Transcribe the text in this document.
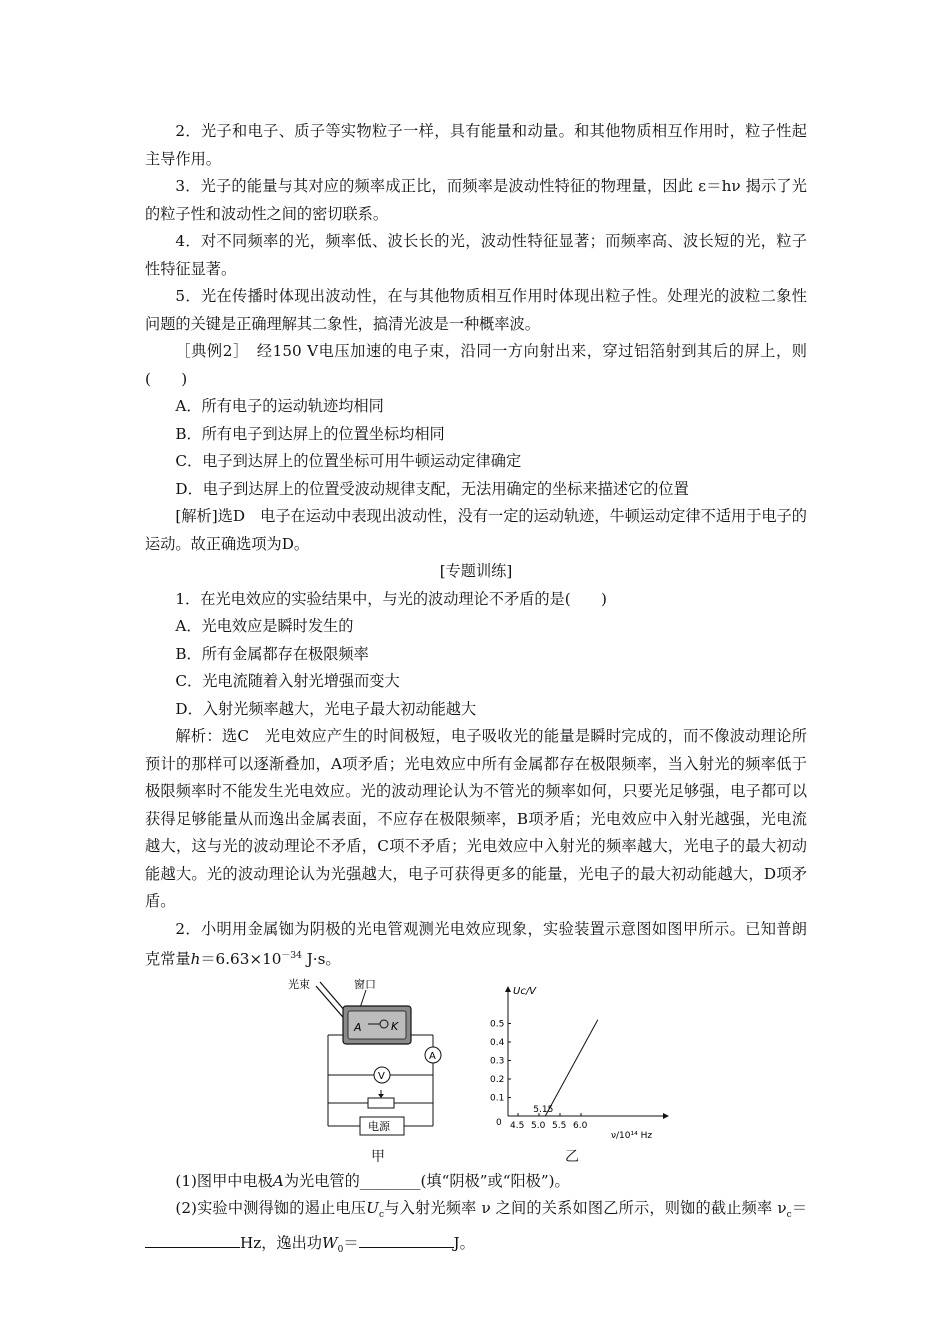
2．光子和电子、质子等实物粒子一样，具有能量和动量。和其他物质相互作用时，粒子性起主导作用。

3．光子的能量与其对应的频率成正比，而频率是波动性特征的物理量，因此 ε＝hν 揭示了光的粒子性和波动性之间的密切联系。

4．对不同频率的光，频率低、波长长的光，波动性特征显著；而频率高、波长短的光，粒子性特征显著。

5．光在传播时体现出波动性，在与其他物质相互作用时体现出粒子性。处理光的波粒二象性问题的关键是正确理解其二象性，搞清光波是一种概率波。

［典例2］　经150 V电压加速的电子束，沿同一方向射出来，穿过铝箔射到其后的屏上，则(　　)

A．所有电子的运动轨迹均相同

B．所有电子到达屏上的位置坐标均相同

C．电子到达屏上的位置坐标可用牛顿运动定律确定

D．电子到达屏上的位置受波动规律支配，无法用确定的坐标来描述它的位置

[解析]选D　电子在运动中表现出波动性，没有一定的运动轨迹，牛顿运动定律不适用于电子的运动。故正确选项为D。

[专题训练]

1．在光电效应的实验结果中，与光的波动理论不矛盾的是(　　)

A．光电效应是瞬时发生的

B．所有金属都存在极限频率

C．光电流随着入射光增强而变大

D．入射光频率越大，光电子最大初动能越大

解析：选C　光电效应产生的时间极短，电子吸收光的能量是瞬时完成的，而不像波动理论所预计的那样可以逐渐叠加，A项矛盾；光电效应中所有金属都存在极限频率，当入射光的频率低于极限频率时不能发生光电效应。光的波动理论认为不管光的频率如何，只要光足够强，电子都可以获得足够能量从而逸出金属表面，不应存在极限频率，B项矛盾；光电效应中入射光越强，光电流越大，这与光的波动理论不矛盾，C项不矛盾；光电效应中入射光的频率越大，光电子的最大初动能越大。光的波动理论认为光强越大，电子可获得更多的能量，光电子的最大初动能越大，D项矛盾。

2．小明用金属铷为阴极的光电管观测光电效应现象，实验装置示意图如图甲所示。已知普朗克常量$h=6.63\times 10^{-34}$ J·s。

光束	窗口
A	K
A
V
电源
甲
Uc/V
ν/10¹⁴ Hz
0 4.5 5.0 5.5 6.0
0.1
0.2
0.3
0.4
0.5
5.15
乙

(1)图甲中电极A为光电管的________(填“阴极”或“阳极”)。

(2)实验中测得铷的遏止电压$U_c$与入射光频率 ν 之间的关系如图乙所示，则铷的截止频率 $\nu_c=Hz$，逸出功$W_0=$	J。
